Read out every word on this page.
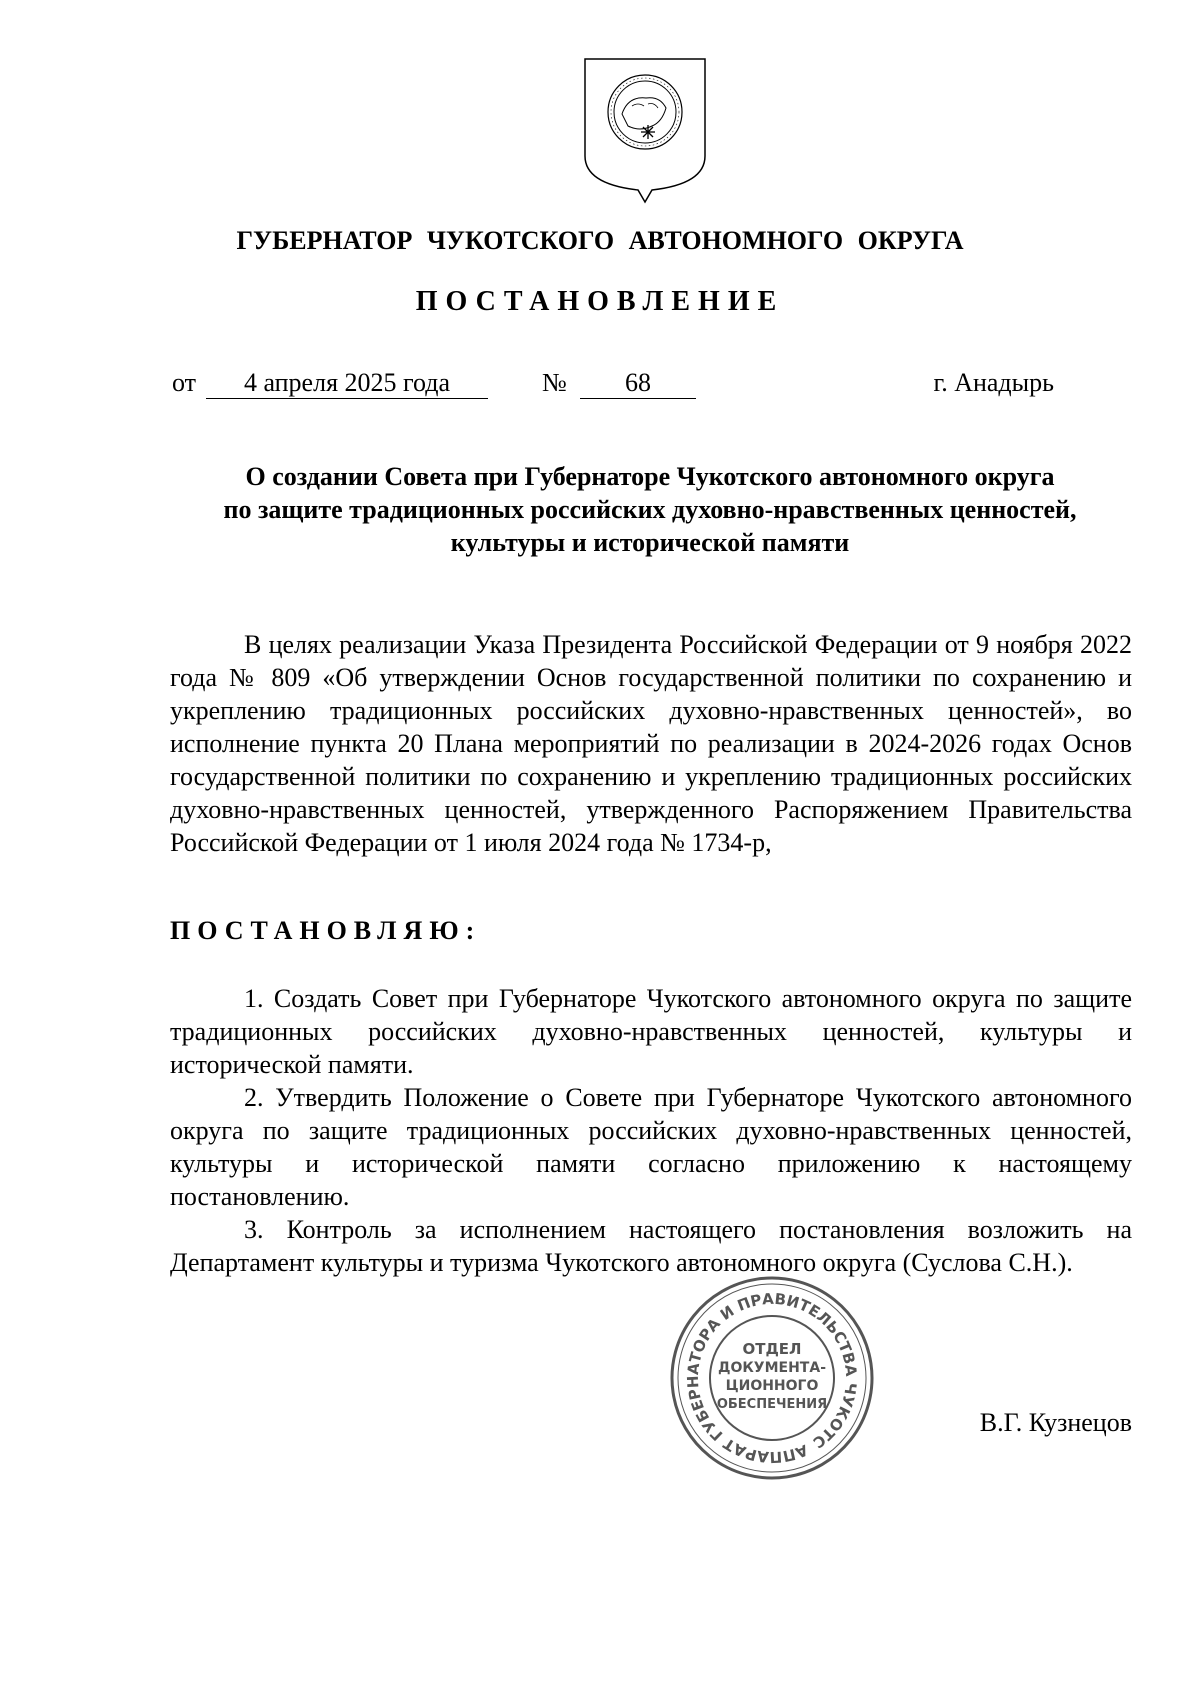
ГУБЕРНАТОР ЧУКОТСКОГО АВТОНОМНОГО ОКРУГА
ПОСТАНОВЛЕНИЕ
от	4 апреля 2025 года	№	68	г. Анадырь
О создании Совета при Губернаторе Чукотского автономного округа
по защите традиционных российских духовно-нравственных ценностей,
культуры и исторической памяти

В целях реализации Указа Президента Российской Федерации от 9 ноября 2022 года № 809 «Об утверждении Основ государственной политики по сохранению и укреплению традиционных российских духовно-нравственных ценностей», во исполнение пункта 20 Плана мероприятий по реализации в 2024-2026 годах Основ государственной политики по сохранению и укреплению традиционных российских духовно-нравственных ценностей, утвержденного Распоряжением Правительства Российской Федерации от 1 июля 2024 года № 1734-р,

ПОСТАНОВЛЯЮ:

1. Создать Совет при Губернаторе Чукотского автономного округа по защите традиционных российских духовно-нравственных ценностей, культуры и исторической памяти.

2. Утвердить Положение о Совете при Губернаторе Чукотского автономного округа по защите традиционных российских духовно-нравственных ценностей, культуры и исторической памяти согласно приложению к настоящему постановлению.

3. Контроль за исполнением настоящего постановления возложить на Департамент культуры и туризма Чукотского автономного округа (Суслова С.Н.).

АППАРАТ ГУБЕРНАТОРА И ПРАВИТЕЛЬСТВА ЧУКОТСКОГО
ОТДЕЛ
ДОКУМЕНТА-
ЦИОННОГО
ОБЕСПЕЧЕНИЯ
В.Г. Кузнецов
